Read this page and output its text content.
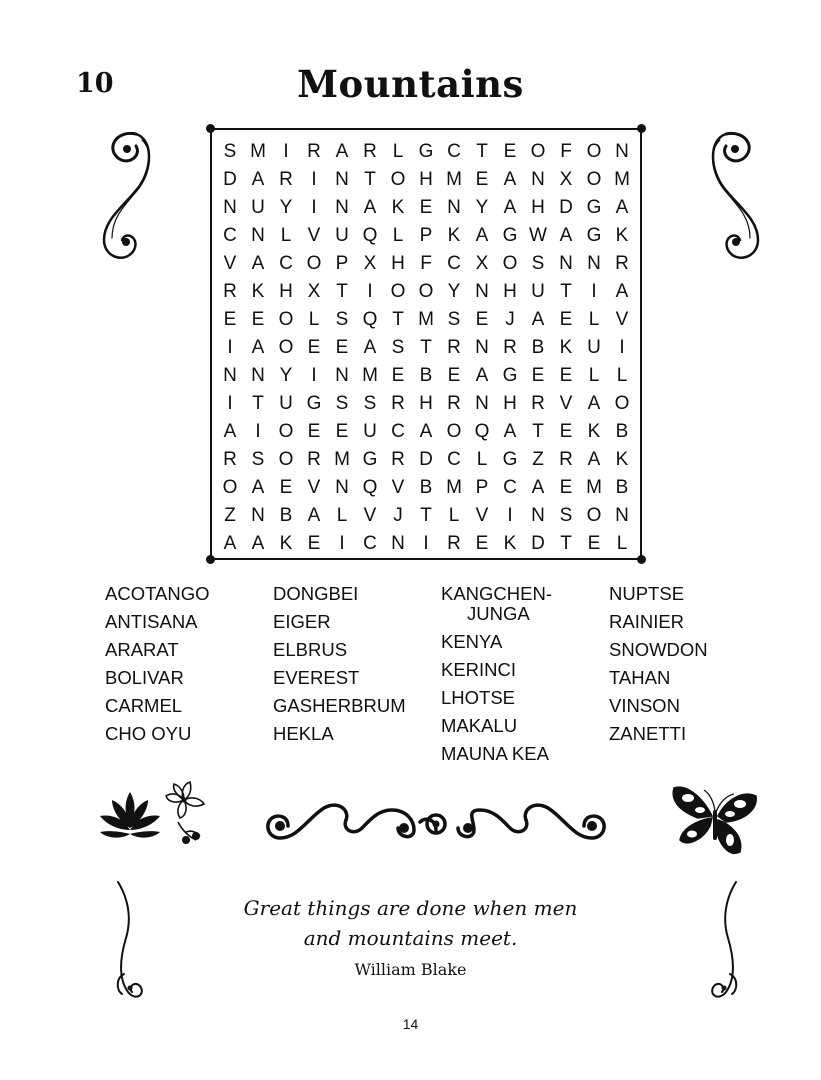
10	Mountains
S M I R A R L G C T E O F O N
D A R I N T O H M E A N X O M
N U Y	I N A K E N Y A H D G A
C N L V U Q L P K A G W A G K
V A C O P X H F C X O S N N R
R K H X T	I O O Y N H U T	I	A
E E O L S Q T M S E J A E L V
I	A O E E A S T R N R B K U I
N N Y	I N M E B E A G E E L L
I	T U G S S R H R N H R V A O
A	I O E E U C A O Q A T E K B
R S O R M G R D C L G Z R A K
O A E V N Q V B M P C A E M B
Z N B A L V J T L V	I N S O N
A A K E	I C N I R E K D T E L
ACOTANGO
ANTISANA
ARARAT
BOLIVAR
CARMEL
CHO OYU
DONGBEI
EIGER
ELBRUS
EVEREST
GASHERBRUM
HEKLA
KANGCHEN-
JUNGA
KENYA
KERINCI
LHOTSE
MAKALU
MAUNA KEA
NUPTSE
RAINIER
SNOWDON
TAHAN
VINSON
ZANETTI
Great things are done when men
and mountains meet.
William Blake
14
